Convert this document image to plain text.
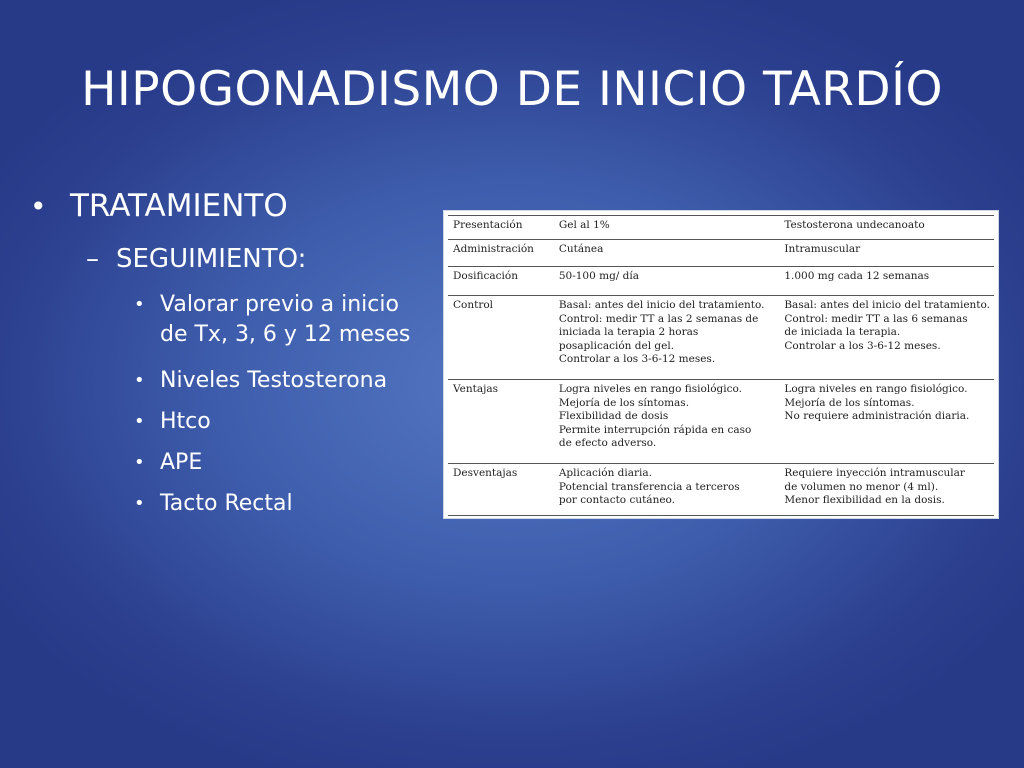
HIPOGONADISMO DE INICIO TARDÍO
• TRATAMIENTO
– SEGUIMIENTO:
• Valorar previo a inicio de Tx, 3, 6 y 12 meses
• Niveles Testosterona
• Htco
• APE
• Tacto Rectal
Presentación	Gel al 1%	Testosterona undecanoato

Administración	Cutánea	Intramuscular

Dosificación	50-100 mg/ día	1.000 mg cada 12 semanas

Control	Basal: antes del inicio del tratamiento.
Control: medir TT a las 2 semanas de
iniciada la terapia 2 horas
posaplicación del gel.
Controlar a los 3-6-12 meses.	Basal: antes del inicio del tratamiento.
Control: medir TT a las 6 semanas
de iniciada la terapia.
Controlar a los 3-6-12 meses.

Ventajas	Logra niveles en rango fisiológico.
Mejoría de los síntomas.
Flexibilidad de dosis
Permite interrupción rápida en caso
de efecto adverso.	Logra niveles en rango fisiológico.
Mejoría de los síntomas.
No requiere administración diaria.

Desventajas	Aplicación diaria.
Potencial transferencia a terceros
por contacto cutáneo.	Requiere inyección intramuscular
de volumen no menor (4 ml).
Menor flexibilidad en la dosis.
